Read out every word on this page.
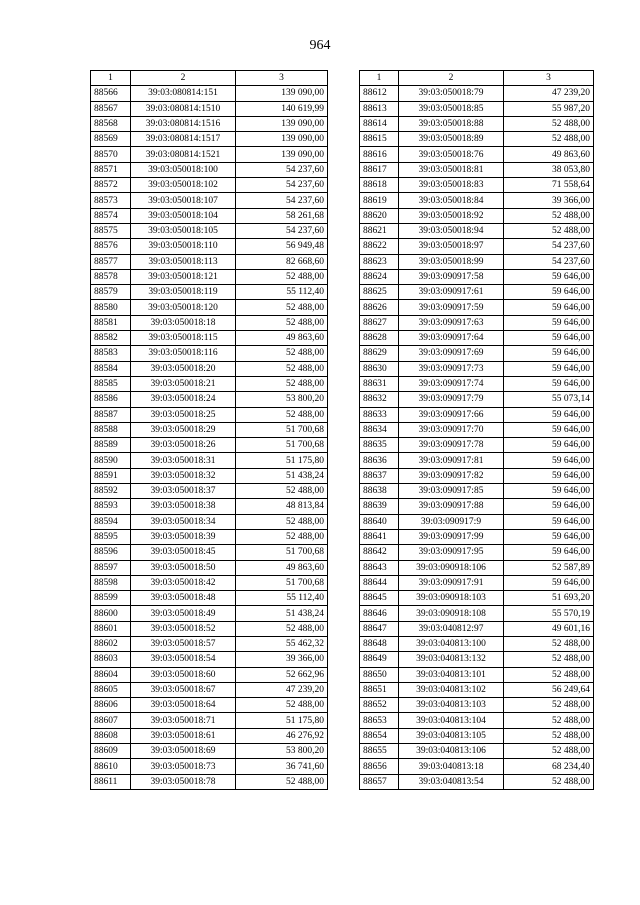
964
1	2	3
88566	39:03:080814:151	139 090,00
88567	39:03:080814:1510	140 619,99
88568	39:03:080814:1516	139 090,00
88569	39:03:080814:1517	139 090,00
88570	39:03:080814:1521	139 090,00
88571	39:03:050018:100	54 237,60
88572	39:03:050018:102	54 237,60
88573	39:03:050018:107	54 237,60
88574	39:03:050018:104	58 261,68
88575	39:03:050018:105	54 237,60
88576	39:03:050018:110	56 949,48
88577	39:03:050018:113	82 668,60
88578	39:03:050018:121	52 488,00
88579	39:03:050018:119	55 112,40
88580	39:03:050018:120	52 488,00
88581	39:03:050018:18	52 488,00
88582	39:03:050018:115	49 863,60
88583	39:03:050018:116	52 488,00
88584	39:03:050018:20	52 488,00
88585	39:03:050018:21	52 488,00
88586	39:03:050018:24	53 800,20
88587	39:03:050018:25	52 488,00
88588	39:03:050018:29	51 700,68
88589	39:03:050018:26	51 700,68
88590	39:03:050018:31	51 175,80
88591	39:03:050018:32	51 438,24
88592	39:03:050018:37	52 488,00
88593	39:03:050018:38	48 813,84
88594	39:03:050018:34	52 488,00
88595	39:03:050018:39	52 488,00
88596	39:03:050018:45	51 700,68
88597	39:03:050018:50	49 863,60
88598	39:03:050018:42	51 700,68
88599	39:03:050018:48	55 112,40
88600	39:03:050018:49	51 438,24
88601	39:03:050018:52	52 488,00
88602	39:03:050018:57	55 462,32
88603	39:03:050018:54	39 366,00
88604	39:03:050018:60	52 662,96
88605	39:03:050018:67	47 239,20
88606	39:03:050018:64	52 488,00
88607	39:03:050018:71	51 175,80
88608	39:03:050018:61	46 276,92
88609	39:03:050018:69	53 800,20
88610	39:03:050018:73	36 741,60
88611	39:03:050018:78	52 488,00
1	2	3
88612	39:03:050018:79	47 239,20
88613	39:03:050018:85	55 987,20
88614	39:03:050018:88	52 488,00
88615	39:03:050018:89	52 488,00
88616	39:03:050018:76	49 863,60
88617	39:03:050018:81	38 053,80
88618	39:03:050018:83	71 558,64
88619	39:03:050018:84	39 366,00
88620	39:03:050018:92	52 488,00
88621	39:03:050018:94	52 488,00
88622	39:03:050018:97	54 237,60
88623	39:03:050018:99	54 237,60
88624	39:03:090917:58	59 646,00
88625	39:03:090917:61	59 646,00
88626	39:03:090917:59	59 646,00
88627	39:03:090917:63	59 646,00
88628	39:03:090917:64	59 646,00
88629	39:03:090917:69	59 646,00
88630	39:03:090917:73	59 646,00
88631	39:03:090917:74	59 646,00
88632	39:03:090917:79	55 073,14
88633	39:03:090917:66	59 646,00
88634	39:03:090917:70	59 646,00
88635	39:03:090917:78	59 646,00
88636	39:03:090917:81	59 646,00
88637	39:03:090917:82	59 646,00
88638	39:03:090917:85	59 646,00
88639	39:03:090917:88	59 646,00
88640	39:03:090917:9	59 646,00
88641	39:03:090917:99	59 646,00
88642	39:03:090917:95	59 646,00
88643	39:03:090918:106	52 587,89
88644	39:03:090917:91	59 646,00
88645	39:03:090918:103	51 693,20
88646	39:03:090918:108	55 570,19
88647	39:03:040812:97	49 601,16
88648	39:03:040813:100	52 488,00
88649	39:03:040813:132	52 488,00
88650	39:03:040813:101	52 488,00
88651	39:03:040813:102	56 249,64
88652	39:03:040813:103	52 488,00
88653	39:03:040813:104	52 488,00
88654	39:03:040813:105	52 488,00
88655	39:03:040813:106	52 488,00
88656	39:03:040813:18	68 234,40
88657	39:03:040813:54	52 488,00
